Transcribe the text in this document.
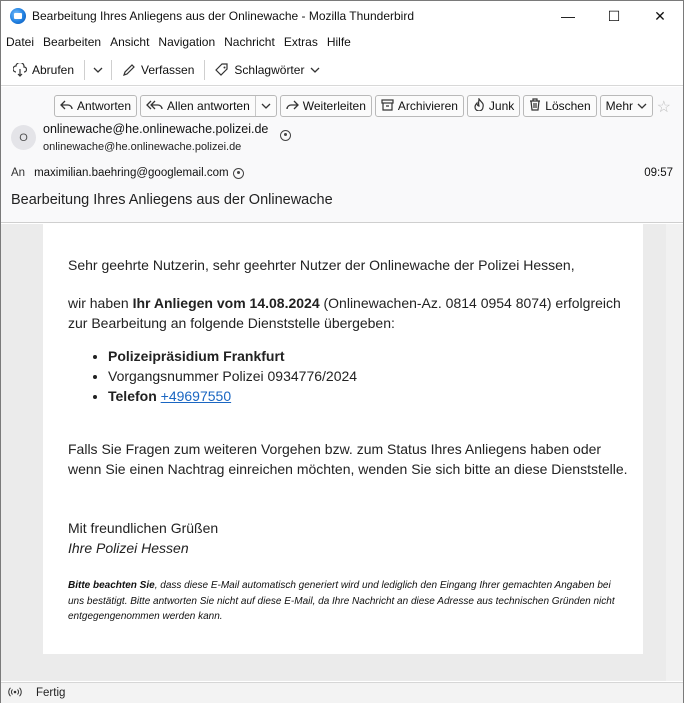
Bearbeitung Ihres Anliegens aus der Onlinewache - Mozilla Thunderbird	—	☐	✕
Datei Bearbeiten Ansicht Navigation Nachricht Extras Hilfe
Abrufen	Verfassen	Schlagwörter
Antworten	Allen antworten	Weiterleiten	Archivieren	Junk	Löschen Mehr ☆
O
onlinewache@he.onlinewache.polizei.de
onlinewache@he.onlinewache.polizei.de
An maximilian.baehring@googlemail.com	09:57
Bearbeitung Ihres Anliegens aus der Onlinewache

Sehr geehrte Nutzerin, sehr geehrter Nutzer der Onlinewache der Polizei Hessen,

wir haben Ihr Anliegen vom 14.08.2024 (Onlinewachen-Az. 0814 0954 8074) erfolgreich zur Bearbeitung an folgende Dienststelle übergeben:

• Polizeipräsidium Frankfurt
• Vorgangsnummer Polizei 0934776/2024
• Telefon +49697550

Falls Sie Fragen zum weiteren Vorgehen bzw. zum Status Ihres Anliegens haben oder wenn Sie einen Nachtrag einreichen möchten, wenden Sie sich bitte an diese Dienststelle.

Mit freundlichen Grüßen

Ihre Polizei Hessen

Bitte beachten Sie, dass diese E-Mail automatisch generiert wird und lediglich den Eingang Ihrer gemachten Angaben bei uns bestätigt. Bitte antworten Sie nicht auf diese E-Mail, da Ihre Nachricht an diese Adresse aus technischen Gründen nicht entgegengenommen werden kann.

Fertig
